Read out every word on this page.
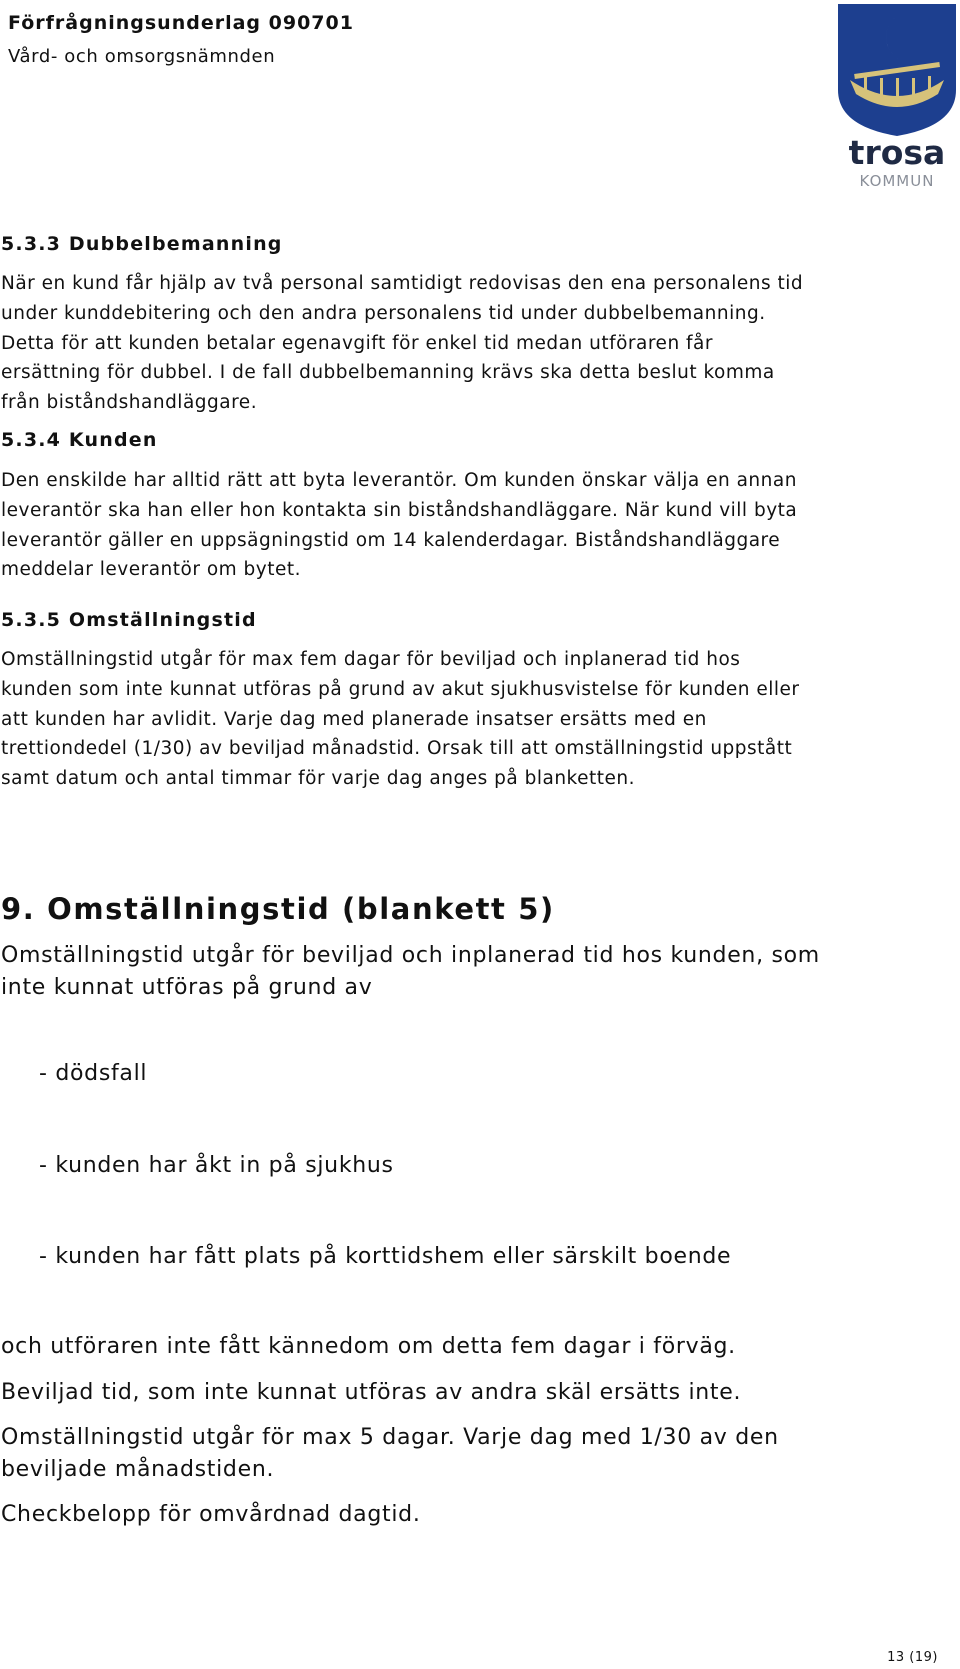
Förfrågningsunderlag 090701
Vård- och omsorgsnämnden
trosa
KOMMUN
5.3.3 Dubbelbemanning
När en kund får hjälp av två personal samtidigt redovisas den ena personalens tid
under kunddebitering och den andra personalens tid under dubbelbemanning.
Detta för att kunden betalar egenavgift för enkel tid medan utföraren får
ersättning för dubbel. I de fall dubbelbemanning krävs ska detta beslut komma
från biståndshandläggare.
5.3.4 Kunden
Den enskilde har alltid rätt att byta leverantör. Om kunden önskar välja en annan
leverantör ska han eller hon kontakta sin biståndshandläggare. När kund vill byta
leverantör gäller en uppsägningstid om 14 kalenderdagar. Biståndshandläggare
meddelar leverantör om bytet.
5.3.5 Omställningstid
Omställningstid utgår för max fem dagar för beviljad och inplanerad tid hos
kunden som inte kunnat utföras på grund av akut sjukhusvistelse för kunden eller
att kunden har avlidit. Varje dag med planerade insatser ersätts med en
trettiondedel (1/30) av beviljad månadstid. Orsak till att omställningstid uppstått
samt datum och antal timmar för varje dag anges på blanketten.
9. Omställningstid (blankett 5)
Omställningstid utgår för beviljad och inplanerad tid hos kunden, som
inte kunnat utföras på grund av
- dödsfall
- kunden har åkt in på sjukhus
- kunden har fått plats på korttidshem eller särskilt boende
och utföraren inte fått kännedom om detta fem dagar i förväg.
Beviljad tid, som inte kunnat utföras av andra skäl ersätts inte.
Omställningstid utgår för max 5 dagar. Varje dag med 1/30 av den
beviljade månadstiden.
Checkbelopp för omvårdnad dagtid.
13 (19)
